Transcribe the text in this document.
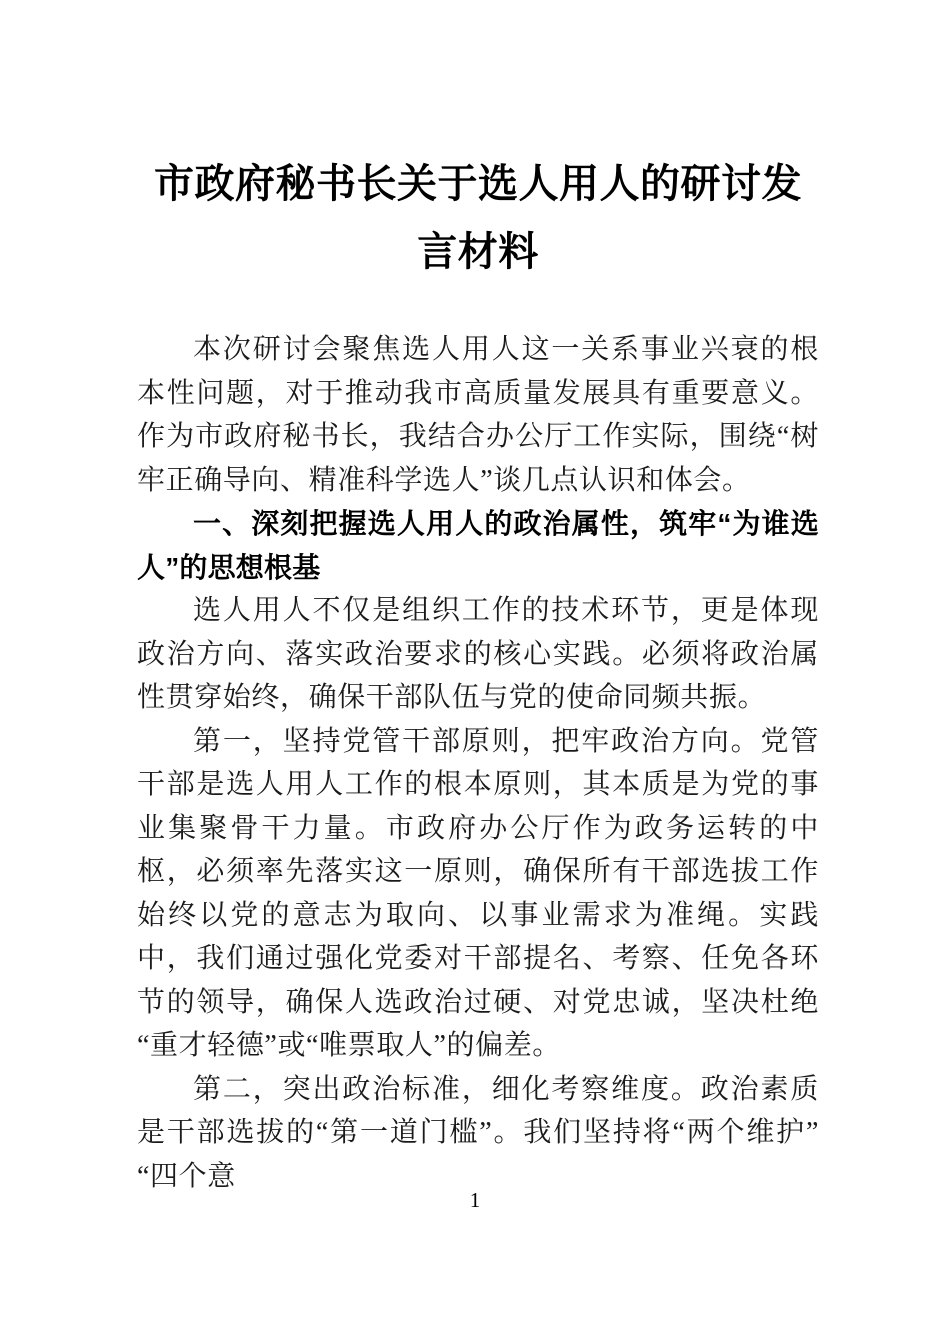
市政府秘书长关于选人用人的研讨发言材料

本次研讨会聚焦选人用人这一关系事业兴衰的根本性问题，对于推动我市高质量发展具有重要意义。作为市政府秘书长，我结合办公厅工作实际，围绕“树牢正确导向、精准科学选人”谈几点认识和体会。

一、深刻把握选人用人的政治属性，筑牢“为谁选人”的思想根基

选人用人不仅是组织工作的技术环节，更是体现政治方向、落实政治要求的核心实践。必须将政治属性贯穿始终，确保干部队伍与党的使命同频共振。

第一，坚持党管干部原则，把牢政治方向。党管干部是选人用人工作的根本原则，其本质是为党的事业集聚骨干力量。市政府办公厅作为政务运转的中枢，必须率先落实这一原则，确保所有干部选拔工作始终以党的意志为取向、以事业需求为准绳。实践中，我们通过强化党委对干部提名、考察、任免各环节的领导，确保人选政治过硬、对党忠诚，坚决杜绝“重才轻德”或“唯票取人”的偏差。

第二，突出政治标准，细化考察维度。政治素质是干部选拔的“第一道门槛”。我们坚持将“两个维护”“四个意

1
